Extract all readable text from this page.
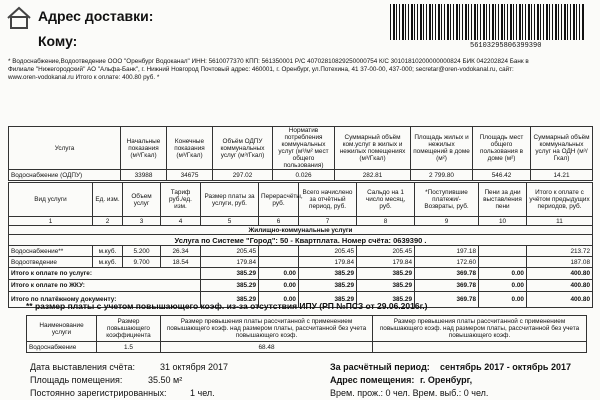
Адрес доставки:
Кому:	56103295806399390
* Водоснабжение,Водоотведение ООО "Оренбург Водоканал" ИНН: 5610077370 КПП: 561350001 Р/С 40702810829250000754 К/С 30101810200000000824 БИК 042202824 Банк в
Филиале "Нижегородский" АО "Альфа-Банк", г. Нижний Новгород Почтовый адрес: 460001, г. Оренбург, ул.Потехина, 41 37-00-00, 437-000; secretar@oren-vodokanal.ru, сайт:
www.oren-vodokanal.ru Итого к оплате: 400.80 руб. *
Услуга	Начальные показания (м³/Гкал)	Конечные показания (м³/Гкал)	Объём ОДПУ коммунальных услуг (м³/Гкал)	Норматив потребления коммунальных услуг (м³/м² мест общего пользования)	Суммарный объём ком.услуг в жилых и нежилых помещениях (м³/Гкал)	Площадь жилых и нежилых помещений в доме (м²)	Площадь мест общего пользования в доме (м²)	Суммарный объём коммунальных услуг на ОДН (м³/Гкал)
Водоснабжение (ОДПУ)	33988	34675	297.02	0.026	282.81	2 799.80	546.42	14.21
Вид услуги	Ед. изм.	Объем услуг	Тариф руб./ед. изм.	Размер платы за услуги, руб.	Перерасчёты, руб.	Всего начислено за отчётный период, руб.	Сальдо на 1 число месяц, руб.	*Поступившие платежи/-Возвраты, руб.	Пени за дни выставления пени	Итого к оплате с учётом предыдущих периодов, руб.
1	2	3	4	5	6	7	8	9	10	11
Жилищно-коммунальные услуги										
Услуга по Системе "Город": 50 - Квартплата. Номер счёта: 0639390 .										
Водоснабжение**	м.куб.	5.200	26.34	205.45		205.45	205.45	197.18		213.72
Водоотведение	м.куб.	9.700	18.54	179.84		179.84	179.84	172.60		187.08
Итого к оплате по услуге:				385.29	0.00	385.29	385.29	369.78	0.00	400.80
Итого к оплате по ЖКУ:				385.29	0.00	385.29	385.29	369.78	0.00	400.80
Итого по платёжному документу:				385.29	0.00	385.29	385.29	369.78	0.00	400.80
** размер платы с учетом повышающего коэф. из-за отсутствия ИПУ (РП №ПСЗ от 29.06.2016г.)
Наименование услуги	Размер повышающего коэффициента	Размер превышения платы рассчитанной с применением повышающего коэф. над размером платы, рассчитанной без учета повышающего коэф.	Размер превышения платы рассчитанной с применением повышающего коэф. над размером платы, рассчитанной без учета повышающего коэф.
Водоснабжение	1.5	68.48	
Дата выставления счёта:	31 октября 2017
Площадь помещения:	35.50 м²
Постоянно зарегистрированных:	1 чел.
За расчётный период: сентябрь 2017 - октябрь 2017
Адрес помещения: г. Оренбург,
Врем. прож.: 0 чел. Врем. выб.: 0 чел.
